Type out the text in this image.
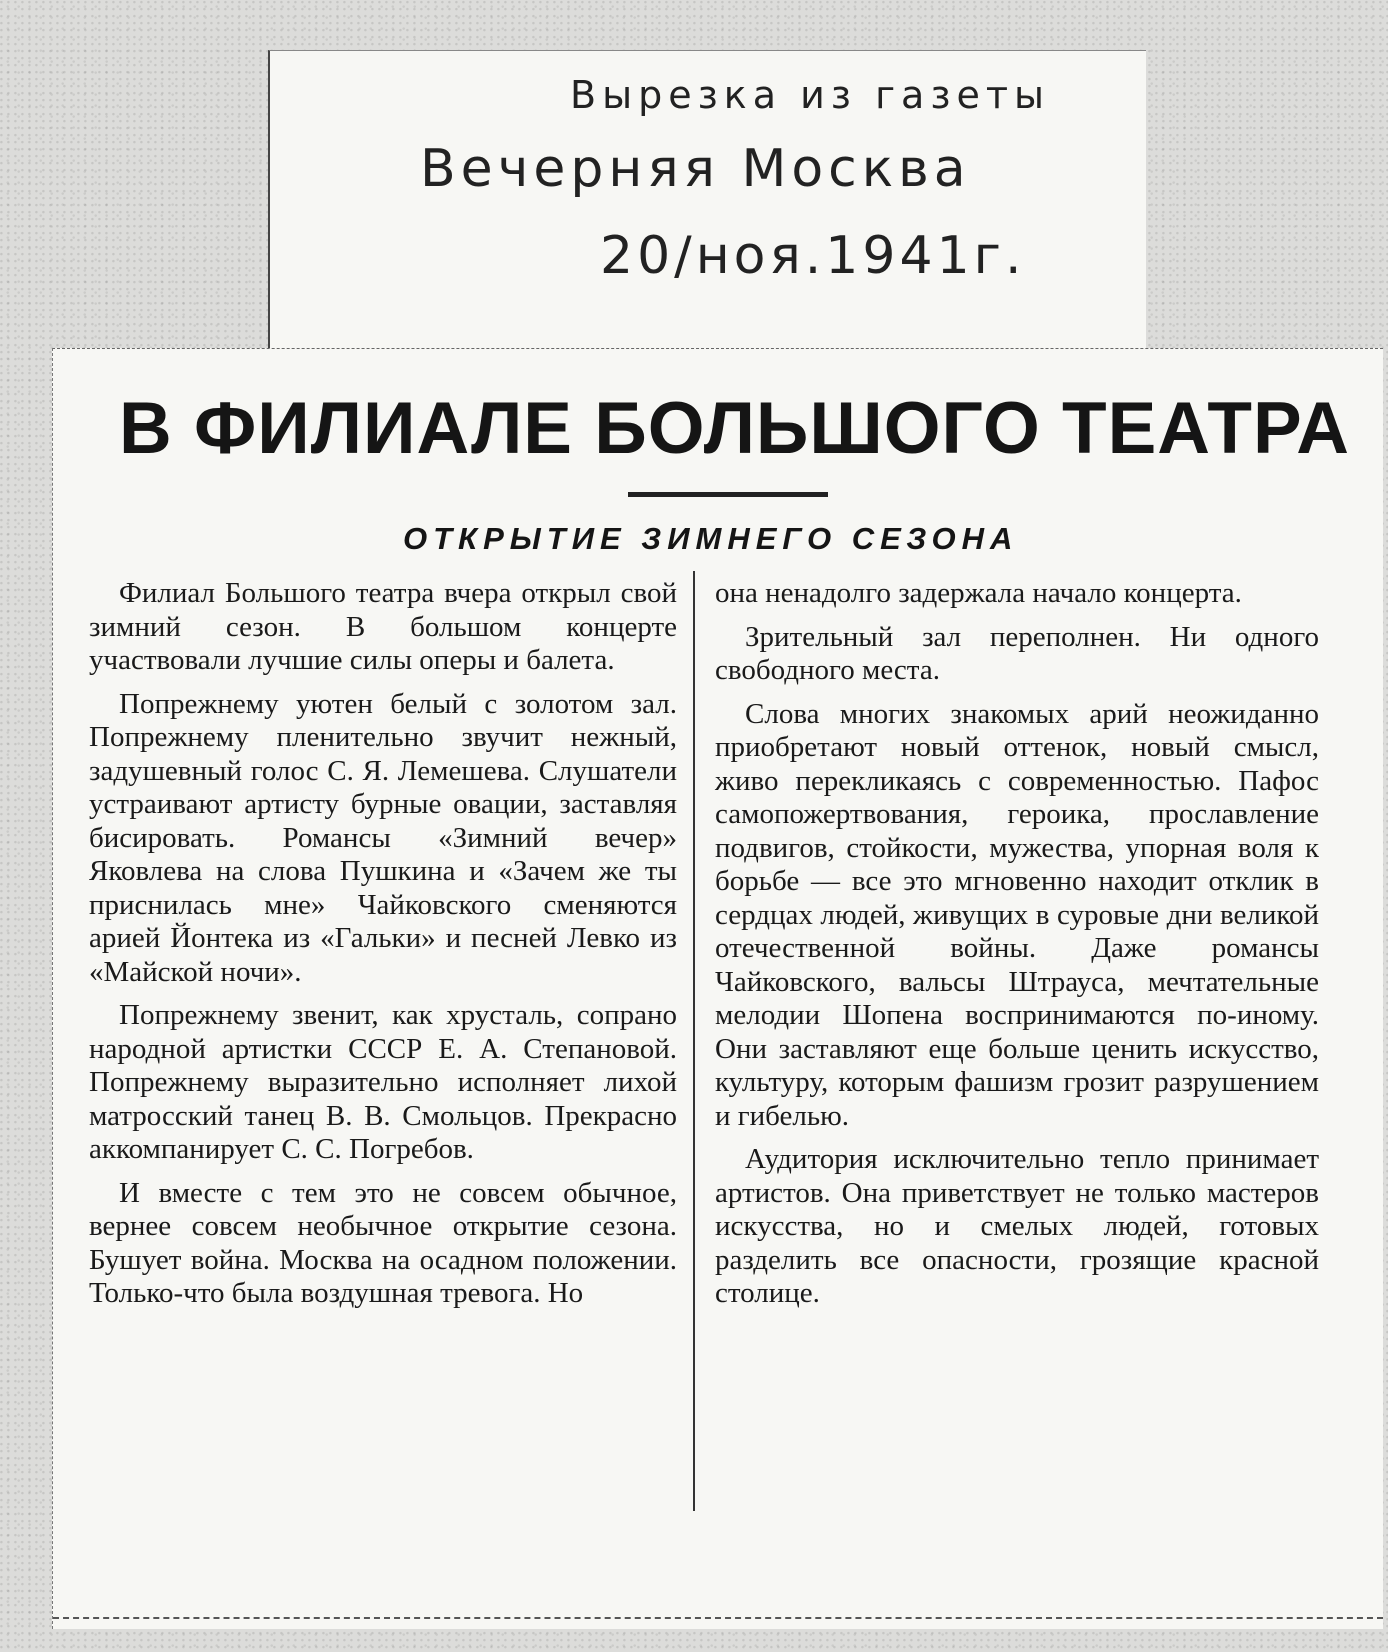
Вырезка из газеты
Вечерняя Москва
20/ноя.1941г.
В ФИЛИАЛЕ БОЛЬШОГО ТЕАТРА
ОТКРЫТИЕ ЗИМНЕГО СЕЗОНА

Филиал Большого театра вчера открыл свой зимний сезон. В большом концерте участвовали лучшие силы оперы и балета.

Попрежнему уютен белый с золотом зал. Попрежнему пленительно звучит нежный, задушевный голос С. Я. Лемешева. Слушатели устраивают артисту бурные овации, заставляя бисировать. Романсы «Зимний вечер» Яковлева на слова Пушкина и «Зачем же ты приснилась мне» Чайковского сменяются арией Йонтека из «Гальки» и песней Левко из «Майской ночи».

Попрежнему звенит, как хрусталь, сопрано народной артистки СССР Е. А. Степановой. Попрежнему выразительно исполняет лихой матросский танец В. В. Смольцов. Прекрасно аккомпанирует С. С. Погребов.

И вместе с тем это не совсем обычное, вернее совсем необычное открытие сезона. Бушует война. Москва на осадном положении. Только-что была воздушная тревога. Но

она ненадолго задержала начало концерта.

Зрительный зал переполнен. Ни одного свободного места.

Слова многих знакомых арий неожиданно приобретают новый оттенок, новый смысл, живо перекликаясь с современностью. Пафос самопожертвования, героика, прославление подвигов, стойкости, мужества, упорная воля к борьбе — все это мгновенно находит отклик в сердцах людей, живущих в суровые дни великой отечественной войны. Даже романсы Чайковского, вальсы Штрауса, мечтательные мелодии Шопена воспринимаются по-иному. Они заставляют еще больше ценить искусство, культуру, которым фашизм грозит разрушением и гибелью.

Аудитория исключительно тепло принимает артистов. Она приветствует не только мастеров искусства, но и смелых людей, готовых разделить все опасности, грозящие красной столице.
